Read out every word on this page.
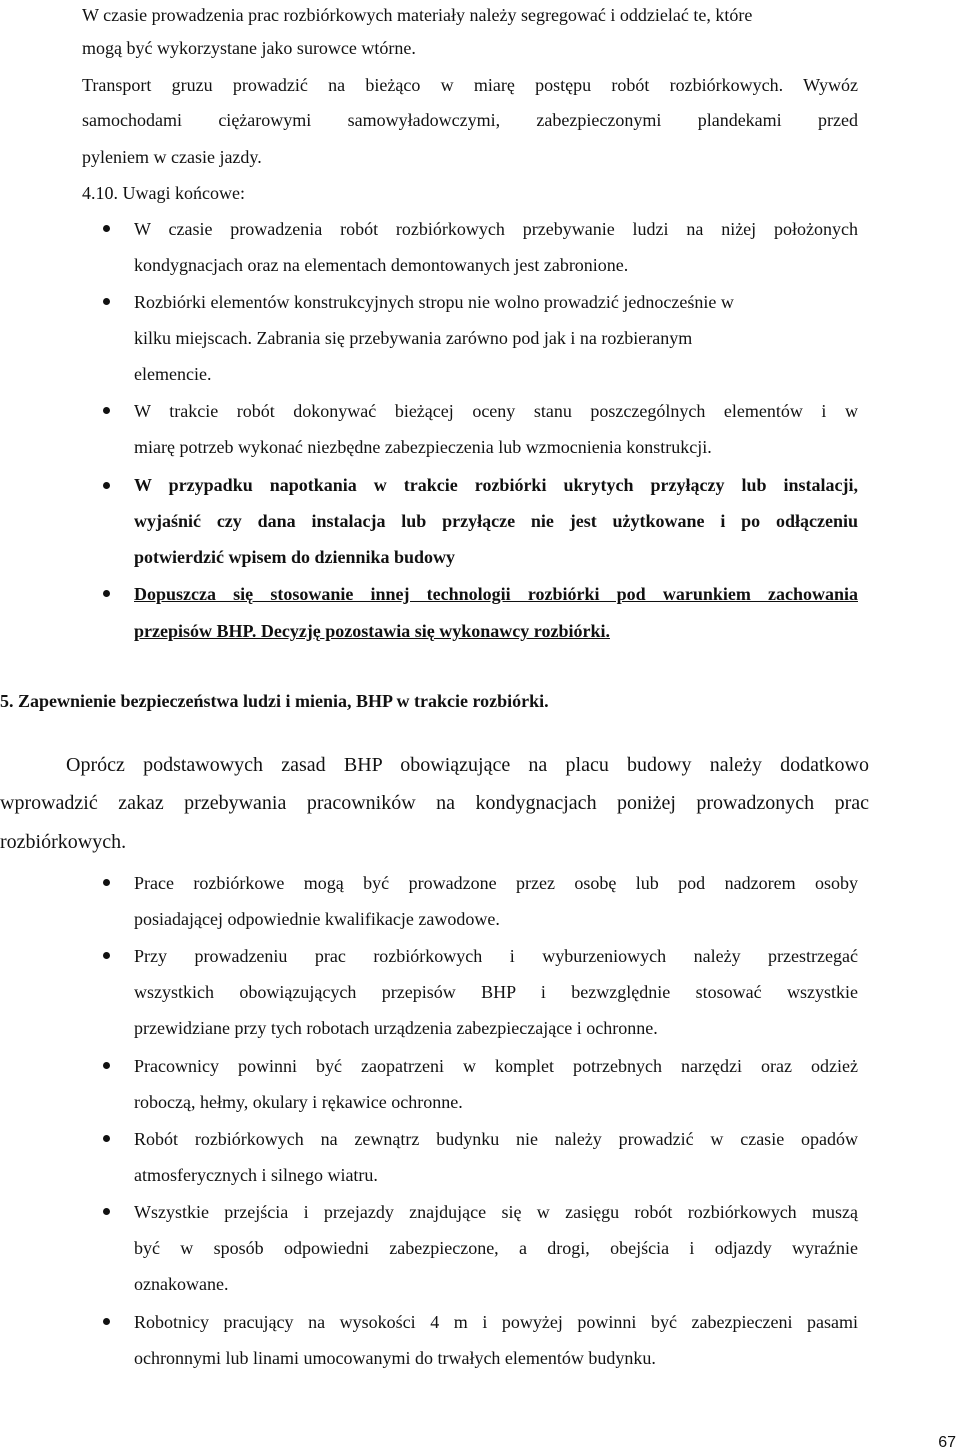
W czasie prowadzenia prac rozbiórkowych materiały należy segregować i oddzielać te, które
mogą być wykorzystane jako surowce wtórne.
Transport gruzu prowadzić na bieżąco w miarę postępu robót rozbiórkowych. Wywóz
samochodami ciężarowymi samowyładowczymi, zabezpieczonymi plandekami przed
pyleniem w czasie jazdy.
4.10. Uwagi końcowe:
W czasie prowadzenia robót rozbiórkowych przebywanie ludzi na niżej położonych
kondygnacjach oraz na elementach demontowanych jest zabronione.
Rozbiórki elementów konstrukcyjnych stropu nie wolno prowadzić jednocześnie w
kilku miejscach. Zabrania się przebywania zarówno pod jak i na rozbieranym
elemencie.
W trakcie robót dokonywać bieżącej oceny stanu poszczególnych elementów i w
miarę potrzeb wykonać niezbędne zabezpieczenia lub wzmocnienia konstrukcji.
W przypadku napotkania w trakcie rozbiórki ukrytych przyłączy lub instalacji,
wyjaśnić czy dana instalacja lub przyłącze nie jest użytkowane i po odłączeniu
potwierdzić wpisem do dziennika budowy
Dopuszcza się stosowanie innej technologii rozbiórki pod warunkiem zachowania
przepisów BHP. Decyzję pozostawia się wykonawcy rozbiórki.
5. Zapewnienie bezpieczeństwa ludzi i mienia, BHP w trakcie rozbiórki.
Oprócz podstawowych zasad BHP obowiązujące na placu budowy należy dodatkowo
wprowadzić zakaz przebywania pracowników na kondygnacjach poniżej prowadzonych prac
rozbiórkowych.
Prace rozbiórkowe mogą być prowadzone przez osobę lub pod nadzorem osoby
posiadającej odpowiednie kwalifikacje zawodowe.
Przy prowadzeniu prac rozbiórkowych i wyburzeniowych należy przestrzegać
wszystkich obowiązujących przepisów BHP i bezwzględnie stosować wszystkie
przewidziane przy tych robotach urządzenia zabezpieczające i ochronne.
Pracownicy powinni być zaopatrzeni w komplet potrzebnych narzędzi oraz odzież
roboczą, hełmy, okulary i rękawice ochronne.
Robót rozbiórkowych na zewnątrz budynku nie należy prowadzić w czasie opadów
atmosferycznych i silnego wiatru.
Wszystkie przejścia i przejazdy znajdujące się w zasięgu robót rozbiórkowych muszą
być w sposób odpowiedni zabezpieczone, a drogi, obejścia i odjazdy wyraźnie
oznakowane.
Robotnicy pracujący na wysokości 4 m i powyżej powinni być zabezpieczeni pasami
ochronnymi lub linami umocowanymi do trwałych elementów budynku.
67
